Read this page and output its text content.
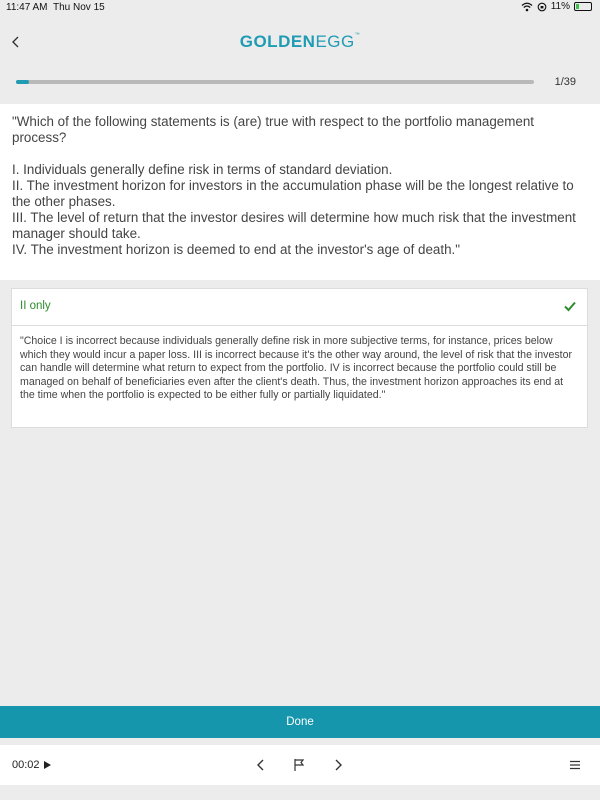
11:47 AM Thu Nov 15	11%
GOLDENEGG™
1/39

"Which of the following statements is (are) true with respect to the portfolio management process?

I. Individuals generally define risk in terms of standard deviation.

II. The investment horizon for investors in the accumulation phase will be the longest relative to the other phases.

III. The level of return that the investor desires will determine how much risk that the investment manager should take.

IV. The investment horizon is deemed to end at the investor's age of death."

II only
"Choice I is incorrect because individuals generally define risk in more subjective terms, for instance, prices below which they would incur a paper loss. III is incorrect because it's the other way around, the level of risk that the investor can handle will determine what return to expect from the portfolio. IV is incorrect because the portfolio could still be managed on behalf of beneficiaries even after the client's death. Thus, the investment horizon approaches its end at the time when the portfolio is expected to be either fully or partially liquidated."
Done
00:02
